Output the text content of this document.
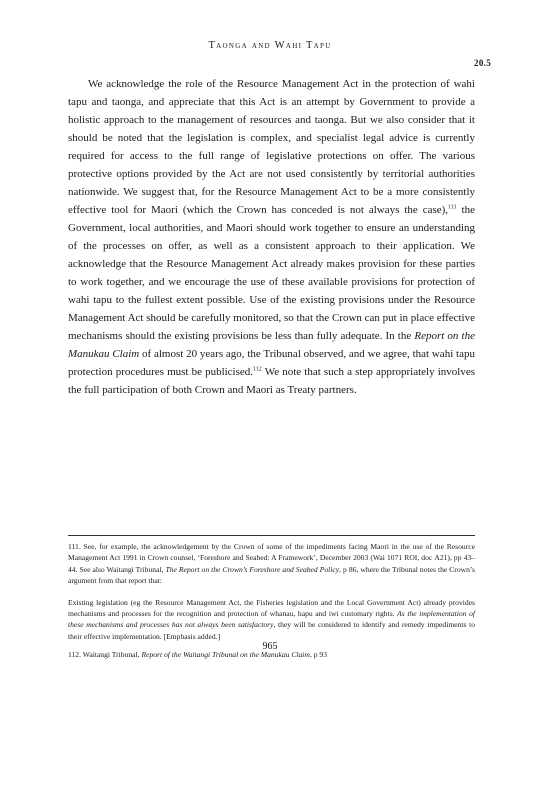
Taonga and Wahi Tapu
20.5

We acknowledge the role of the Resource Management Act in the protection of wahi tapu and taonga, and appreciate that this Act is an attempt by Government to provide a holistic approach to the management of resources and taonga. But we also consider that it should be noted that the legislation is complex, and specialist legal advice is currently required for access to the full range of legislative protections on offer. The various protective options provided by the Act are not used consistently by territorial authorities nationwide. We suggest that, for the Resource Management Act to be a more consistently effective tool for Maori (which the Crown has conceded is not always the case),$^{111}$ the Government, local authorities, and Maori should work together to ensure an understanding of the processes on offer, as well as a consistent approach to their application. We acknowledge that the Resource Management Act already makes provision for these parties to work together, and we encourage the use of these available provisions for protection of wahi tapu to the fullest extent possible. Use of the existing provisions under the Resource Management Act should be carefully monitored, so that the Crown can put in place effective mechanisms should the existing provisions be less than fully adequate. In the Report on the Manukau Claim of almost 20 years ago, the Tribunal observed, and we agree, that wahi tapu protection procedures must be publicised.$^{112}$ We note that such a step appropriately involves the full participation of both Crown and Maori as Treaty partners.

111. See, for example, the acknowledgement by the Crown of some of the impediments facing Maori in the use of the Resource Management Act 1991 in Crown counsel, ‘Foreshore and Seabed: A Framework’, December 2003 (Wai 1071 ROI, doc A21), pp 43–44. See also Waitangi Tribunal, The Report on the Crown’s Foreshore and Seabed Policy, p 86, where the Tribunal notes the Crown’s argument from that report that:

Existing legislation (eg the Resource Management Act, the Fisheries legislation and the Local Government Act) already provides mechanisms and processes for the recognition and protection of whanau, hapu and iwi customary rights. As the implementation of these mechanisms and processes has not always been satisfactory, they will be considered to identify and remedy impediments to their effective implementation. [Emphasis added.]

112. Waitangi Tribunal, Report of the Waitangi Tribunal on the Manukau Claim, p 93

965
